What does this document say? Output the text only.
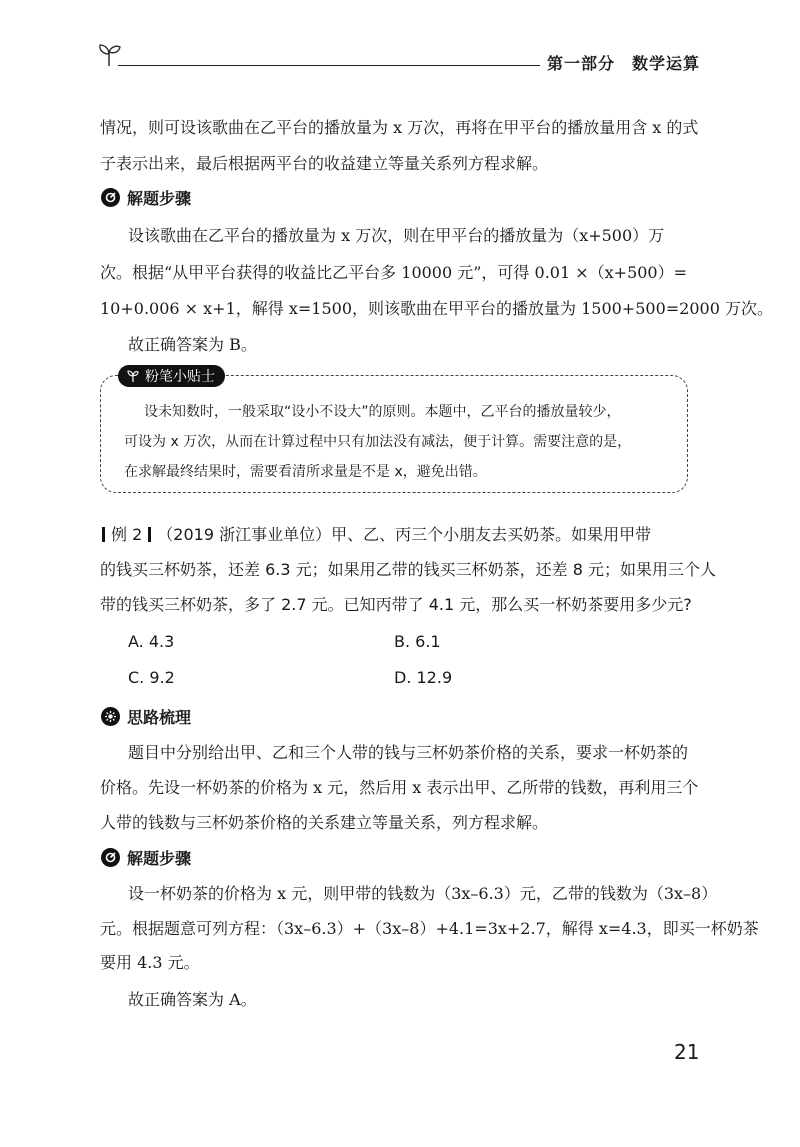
第一部分　数学运算

情况，则可设该歌曲在乙平台的播放量为 x 万次，再将在甲平台的播放量用含 x 的式

子表示出来，最后根据两平台的收益建立等量关系列方程求解。

解题步骤

设该歌曲在乙平台的播放量为 x 万次，则在甲平台的播放量为（x+500）万

次。根据“从甲平台获得的收益比乙平台多 10000 元”，可得 0.01 ×（x+500）=

10+0.006 × x+1，解得 x=1500，则该歌曲在甲平台的播放量为 1500+500=2000 万次。

故正确答案为 B。

粉笔小贴士
设未知数时，一般采取“设小不设大”的原则。本题中，乙平台的播放量较少，
可设为 x 万次，从而在计算过程中只有加法没有减法，便于计算。需要注意的是，
在求解最终结果时，需要看清所求量是不是 x，避免出错。
例 2 （2019 浙江事业单位）甲、乙、丙三个小朋友去买奶茶。如果用甲带
的钱买三杯奶茶，还差 6.3 元；如果用乙带的钱买三杯奶茶，还差 8 元；如果用三个人
带的钱买三杯奶茶，多了 2.7 元。已知丙带了 4.1 元，那么买一杯奶茶要用多少元?
A. 4.3	B. 6.1
C. 9.2	D. 12.9
思路梳理

题目中分别给出甲、乙和三个人带的钱与三杯奶茶价格的关系，要求一杯奶茶的

价格。先设一杯奶茶的价格为 x 元，然后用 x 表示出甲、乙所带的钱数，再利用三个

人带的钱数与三杯奶茶价格的关系建立等量关系，列方程求解。

解题步骤

设一杯奶茶的价格为 x 元，则甲带的钱数为（3x–6.3）元，乙带的钱数为（3x–8）

元。根据题意可列方程：（3x–6.3）+（3x–8）+4.1=3x+2.7，解得 x=4.3，即买一杯奶茶

要用 4.3 元。

故正确答案为 A。

21
